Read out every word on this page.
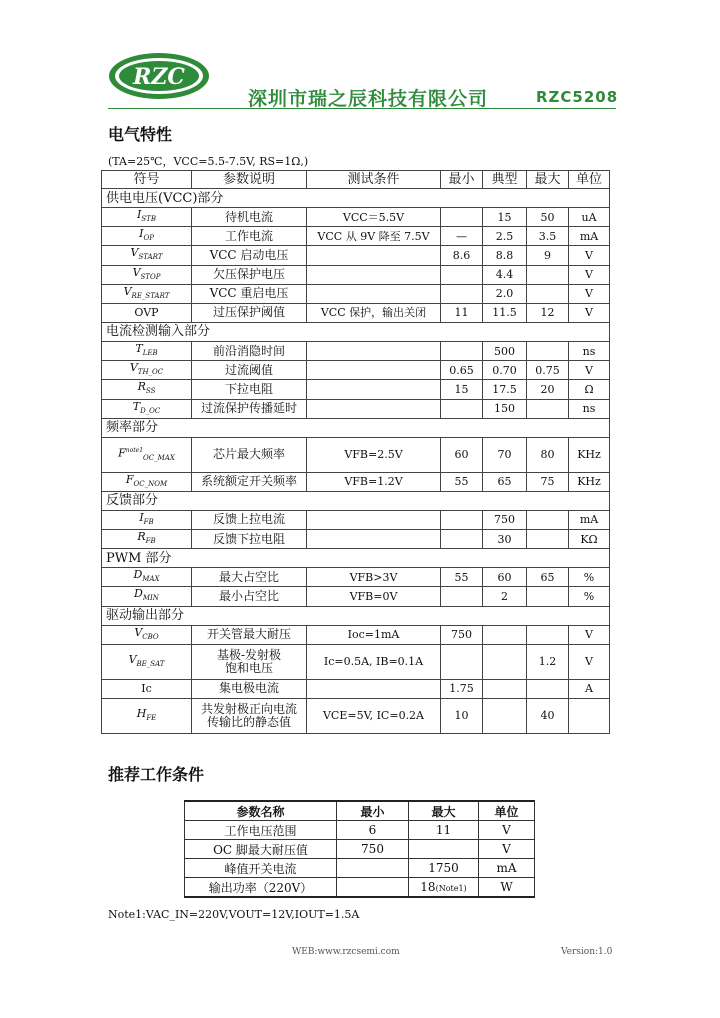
RZC
深圳市瑞之辰科技有限公司	RZC5208
电气特性
(TA=25℃，VCC=5.5-7.5V, RS=1Ω,)
符号	参数说明	测试条件	最小	典型	最大	单位
供电电压(VCC)部分						
$I_{STB}$	待机电流	VCC＝5.5V		15	50	uA
$I_{OP}$	工作电流	VCC 从 9V 降至 7.5V	—	2.5	3.5	mA
$V_{START}$	VCC 启动电压		8.6	8.8	9	V
$V_{STOP}$	欠压保护电压			4.4		V
$V_{RE\_START}$	VCC 重启电压			2.0		V
OVP	过压保护阈值	VCC 保护，输出关闭	11	11.5	12	V
电流检测输入部分						
$T_{LEB}$	前沿消隐时间			500		ns
$V_{TH\_OC}$	过流阈值		0.65	0.70	0.75	V
$R_{SS}$	下拉电阻		15	17.5	20	Ω
$T_{D\_OC}$	过流保护传播延时			150		ns
频率部分						
$F^{note1}_{OC\_MAX}$	芯片最大频率	VFB=2.5V	60	70	80	KHz
$F_{OC\_NOM}$	系统额定开关频率	VFB=1.2V	55	65	75	KHz
反馈部分						
$I_{FB}$	反馈上拉电流			750		mA
$R_{FB}$	反馈下拉电阻			30		KΩ
PWM 部分						
$D_{MAX}$	最大占空比	VFB>3V	55	60	65	%
$D_{MIN}$	最小占空比	VFB=0V		2		%
驱动输出部分						
$V_{CBO}$	开关管最大耐压	Ioc=1mA	750			V
$V_{BE\_SAT}$	基极-发射极
饱和电压	Ic=0.5A, IB=0.1A			1.2	V
Ic	集电极电流		1.75			A
$H_{FE}$	共发射极正向电流
传输比的静态值	VCE=5V, IC=0.2A	10		40	
推荐工作条件
参数名称	最小	最大	单位
工作电压范围	6	11	V
OC 脚最大耐压值	750		V
峰值开关电流		1750	mA
输出功率（220V）		18(Note1)	W
Note1:VAC_IN=220V,VOUT=12V,IOUT=1.5A
WEB:www.rzcsemi.com	Version:1.0
